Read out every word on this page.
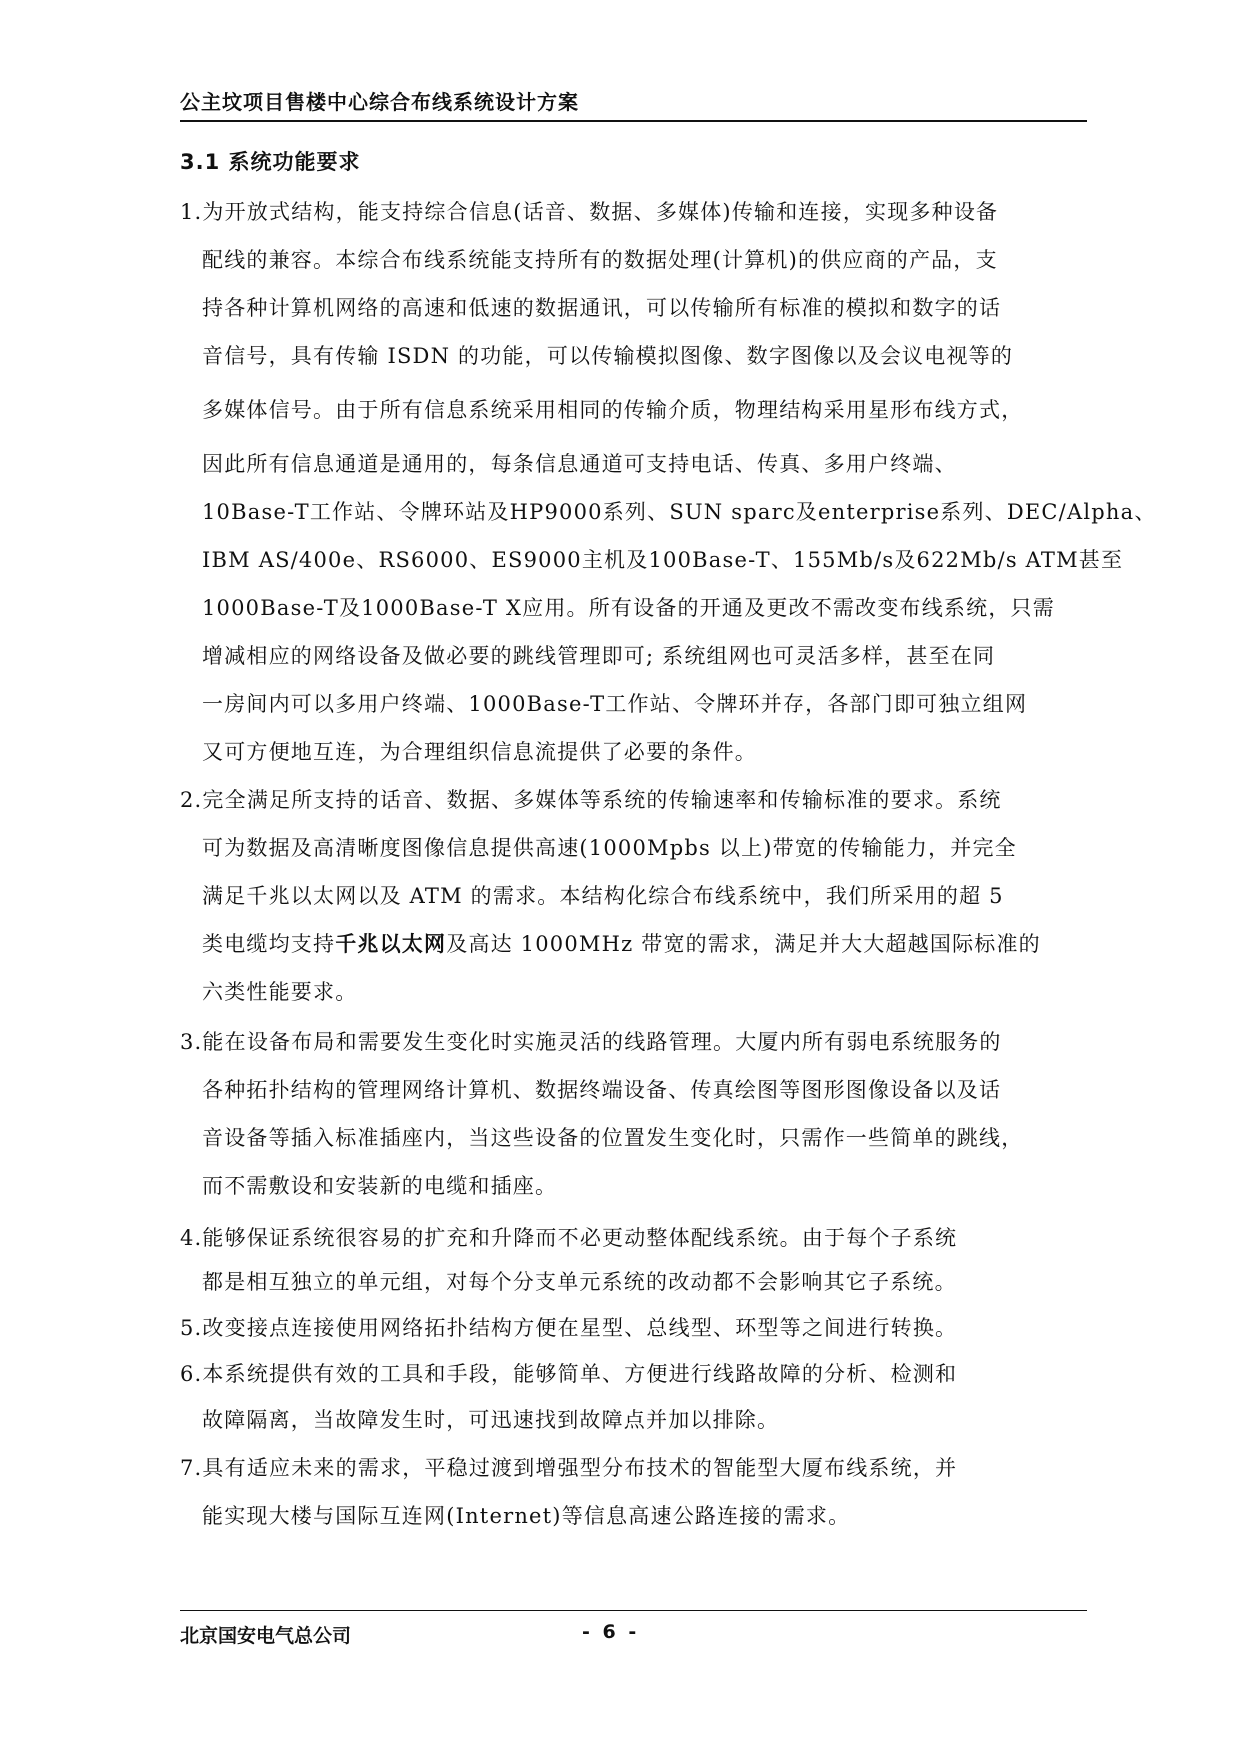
公主坟项目售楼中心综合布线系统设计方案
3.1 系统功能要求
1.为开放式结构，能支持综合信息(话音、数据、多媒体)传输和连接，实现多种设备
配线的兼容。本综合布线系统能支持所有的数据处理(计算机)的供应商的产品，支
持各种计算机网络的高速和低速的数据通讯，可以传输所有标准的模拟和数字的话
音信号，具有传输 ISDN 的功能，可以传输模拟图像、数字图像以及会议电视等的
多媒体信号。由于所有信息系统采用相同的传输介质，物理结构采用星形布线方式，
因此所有信息通道是通用的，每条信息通道可支持电话、传真、多用户终端、
10Base-T工作站、令牌环站及HP9000系列、SUN sparc及enterprise系列、DEC/Alpha、
IBM AS/400e、RS6000、ES9000主机及100Base-T、155Mb/s及622Mb/s ATM甚至
1000Base-T及1000Base-T X应用。所有设备的开通及更改不需改变布线系统，只需
增减相应的网络设备及做必要的跳线管理即可; 系统组网也可灵活多样，甚至在同
一房间内可以多用户终端、1000Base-T工作站、令牌环并存，各部门即可独立组网
又可方便地互连，为合理组织信息流提供了必要的条件。
2.完全满足所支持的话音、数据、多媒体等系统的传输速率和传输标准的要求。系统
可为数据及高清晰度图像信息提供高速(1000Mpbs 以上)带宽的传输能力，并完全
满足千兆以太网以及 ATM 的需求。本结构化综合布线系统中，我们所采用的超 5
类电缆均支持千兆以太网及高达 1000MHz 带宽的需求，满足并大大超越国际标准的
六类性能要求。
3.能在设备布局和需要发生变化时实施灵活的线路管理。大厦内所有弱电系统服务的
各种拓扑结构的管理网络计算机、数据终端设备、传真绘图等图形图像设备以及话
音设备等插入标准插座内，当这些设备的位置发生变化时，只需作一些简单的跳线，
而不需敷设和安装新的电缆和插座。
4.能够保证系统很容易的扩充和升降而不必更动整体配线系统。由于每个子系统
都是相互独立的单元组，对每个分支单元系统的改动都不会影响其它子系统。
5.改变接点连接使用网络拓扑结构方便在星型、总线型、环型等之间进行转换。
6.本系统提供有效的工具和手段，能够简单、方便进行线路故障的分析、检测和
故障隔离，当故障发生时，可迅速找到故障点并加以排除。
7.具有适应未来的需求，平稳过渡到增强型分布技术的智能型大厦布线系统，并
能实现大楼与国际互连网(Internet)等信息高速公路连接的需求。
北京国安电气总公司	- 6 -
